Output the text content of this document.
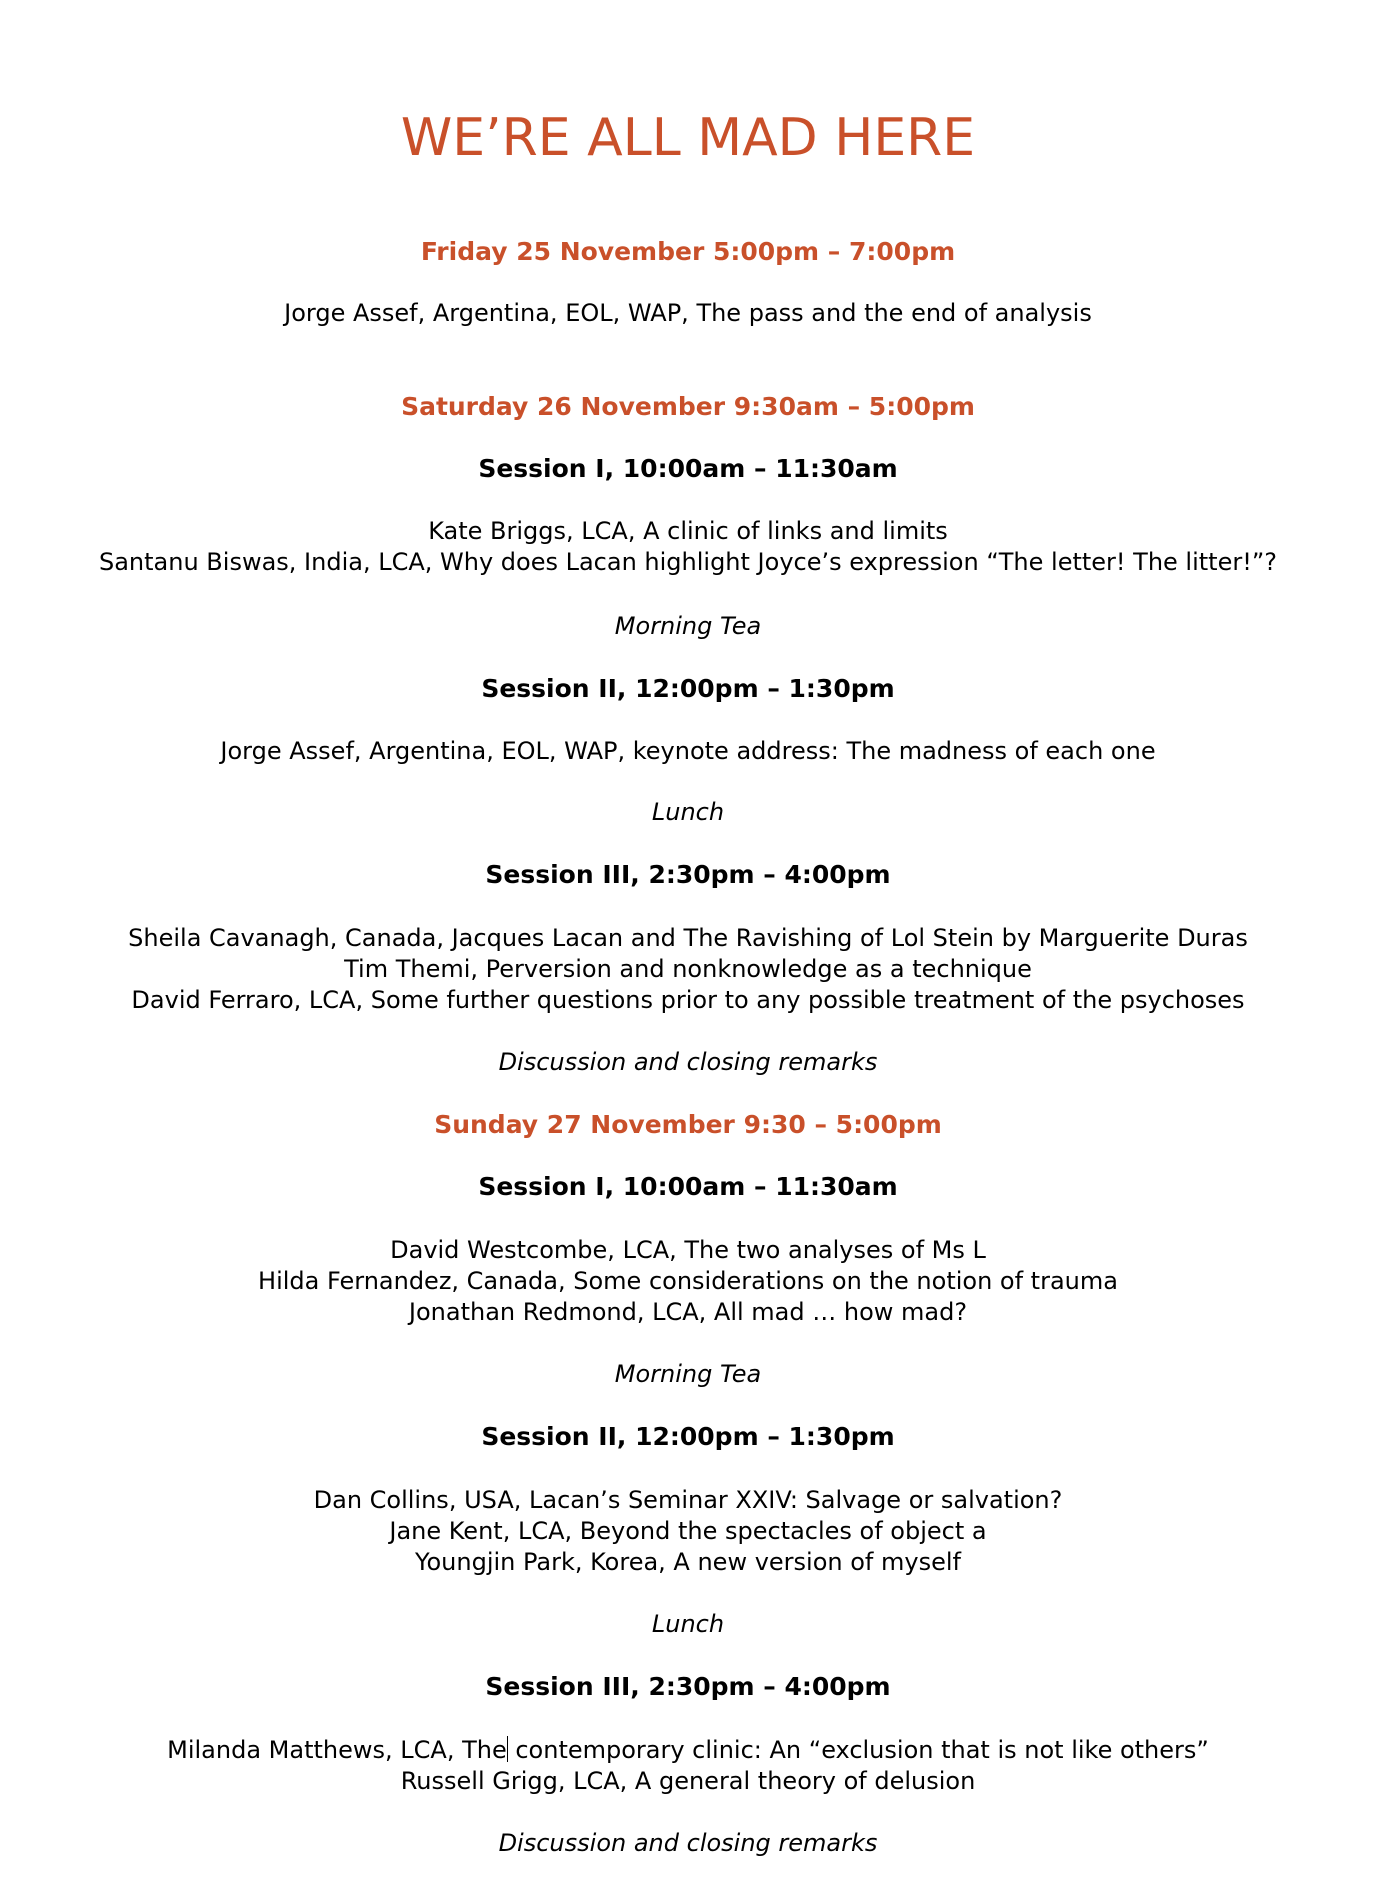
WE’RE ALL MAD HERE
Friday 25 November 5:00pm – 7:00pm
Jorge Assef, Argentina, EOL, WAP, The pass and the end of analysis
Saturday 26 November 9:30am – 5:00pm
Session I, 10:00am – 11:30am
Kate Briggs, LCA, A clinic of links and limits
Santanu Biswas, India, LCA, Why does Lacan highlight Joyce’s expression “The letter! The litter!”?
Morning Tea
Session II, 12:00pm – 1:30pm
Jorge Assef, Argentina, EOL, WAP, keynote address: The madness of each one
Lunch
Session III, 2:30pm – 4:00pm
Sheila Cavanagh, Canada, Jacques Lacan and The Ravishing of Lol Stein by Marguerite Duras
Tim Themi, Perversion and nonknowledge as a technique
David Ferraro, LCA, Some further questions prior to any possible treatment of the psychoses
Discussion and closing remarks
Sunday 27 November 9:30 – 5:00pm
Session I, 10:00am – 11:30am
David Westcombe, LCA, The two analyses of Ms L
Hilda Fernandez, Canada, Some considerations on the notion of trauma
Jonathan Redmond, LCA, All mad … how mad?
Morning Tea
Session II, 12:00pm – 1:30pm
Dan Collins, USA, Lacan’s Seminar XXIV: Salvage or salvation?
Jane Kent, LCA, Beyond the spectacles of object a
Youngjin Park, Korea, A new version of myself
Lunch
Session III, 2:30pm – 4:00pm
Milanda Matthews, LCA, The contemporary clinic: An “exclusion that is not like others”
Russell Grigg, LCA, A general theory of delusion
Discussion and closing remarks
